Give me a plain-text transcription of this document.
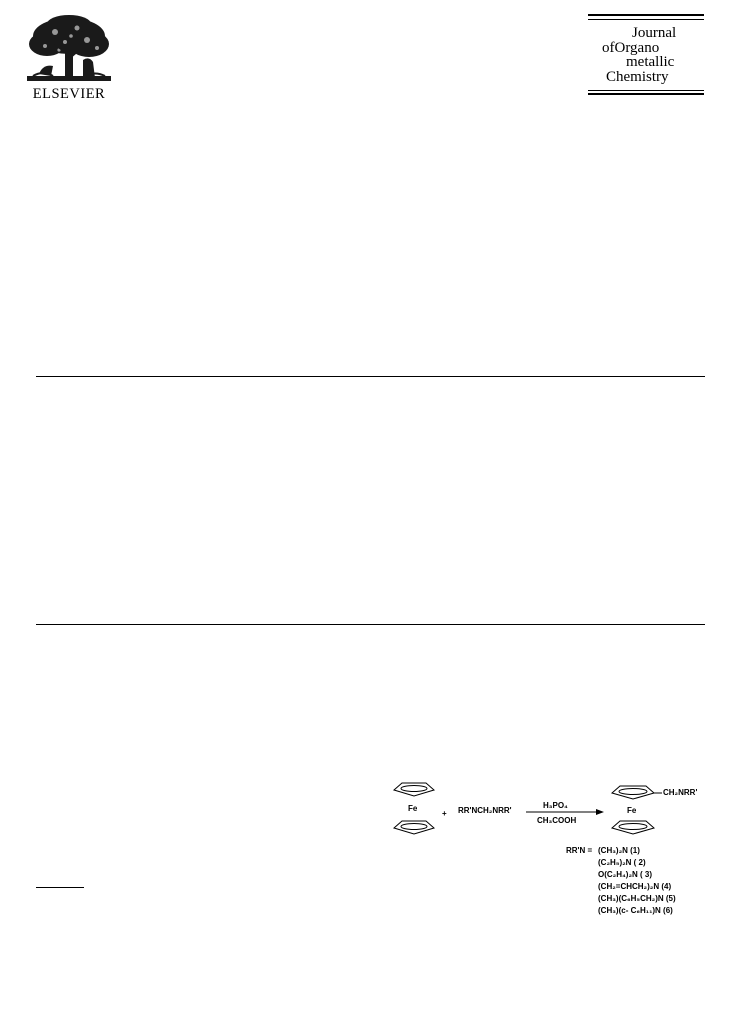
ELSEVIER
Journal
ofOrgano
metallic
Chemistry
Fe
+ RR'NCH₂NRR'
H₃PO₄
CH₃COOH
CH₂NRR'
Fe
RR'N = (CH₃)₂N (1)
(C₂H₅)₂N ( 2)
O(C₂H₄)₂N ( 3)
(CH₂=CHCH₂)₂N (4)
(CH₃)(C₆H₅CH₂)N (5)
(CH₃)(c- C₆H₁₁)N (6)
